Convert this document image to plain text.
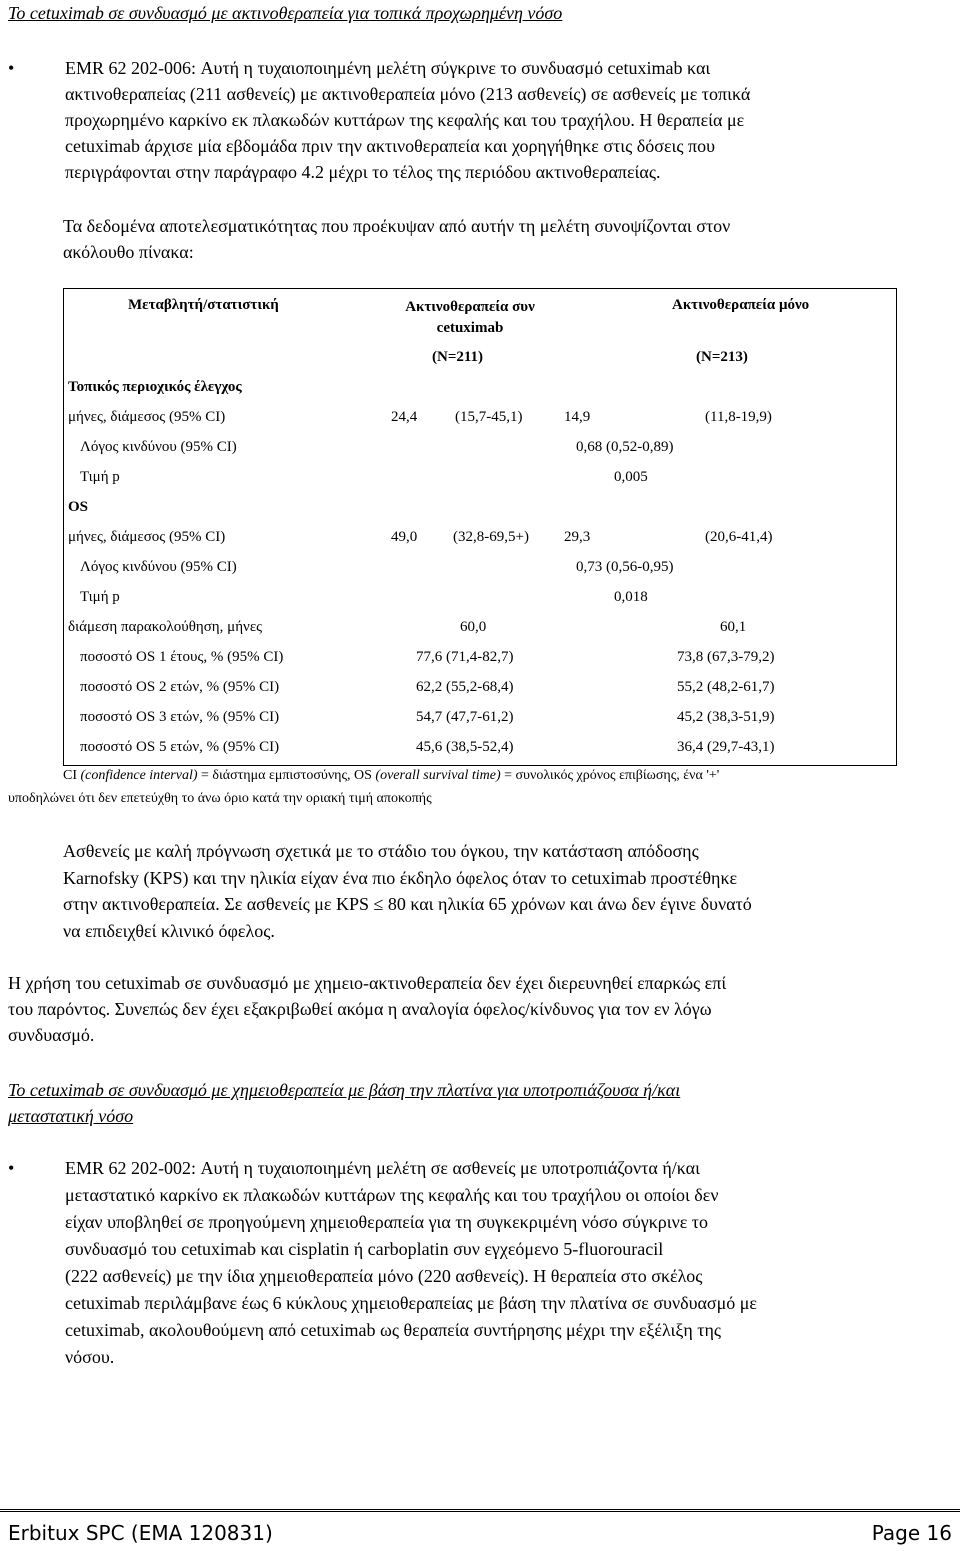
Το cetuximab σε συνδυασμό με ακτινοθεραπεία για τοπικά προχωρημένη νόσο
•	EMR 62 202-006: Αυτή η τυχαιοποιημένη μελέτη σύγκρινε το συνδυασμό cetuximab και
ακτινοθεραπείας (211 ασθενείς) με ακτινοθεραπεία μόνο (213 ασθενείς) σε ασθενείς με τοπικά
προχωρημένο καρκίνο εκ πλακωδών κυττάρων της κεφαλής και του τραχήλου. Η θεραπεία με
cetuximab άρχισε μία εβδομάδα πριν την ακτινοθεραπεία και χορηγήθηκε στις δόσεις που
περιγράφονται στην παράγραφο 4.2 μέχρι το τέλος της περιόδου ακτινοθεραπείας.
Τα δεδομένα αποτελεσματικότητας που προέκυψαν από αυτήν τη μελέτη συνοψίζονται στον
ακόλουθο πίνακα:
Μεταβλητή/στατιστική	Ακτινοθεραπεία συν
cetuximab
Ακτινοθεραπεία μόνο
(N=211)	(N=213)
Τοπικός περιοχικός έλεγχος
μήνες, διάμεσος (95% CI)	24,4	(15,7-45,1)	14,9	(11,8-19,9)
Λόγος κινδύνου (95% CI)	0,68 (0,52-0,89)
Τιμή p	0,005
OS
μήνες, διάμεσος (95% CI)	49,0 (32,8-69,5+) 29,3	(20,6-41,4)
Λόγος κινδύνου (95% CI)	0,73 (0,56-0,95)
Τιμή p	0,018
διάμεση παρακολούθηση, μήνες	60,0	60,1
ποσοστό OS 1 έτους, % (95% CI)	77,6 (71,4-82,7)	73,8 (67,3-79,2)
ποσοστό OS 2 ετών, % (95% CI)	62,2 (55,2-68,4)	55,2 (48,2-61,7)
ποσοστό OS 3 ετών, % (95% CI)	54,7 (47,7-61,2)	45,2 (38,3-51,9)
ποσοστό OS 5 ετών, % (95% CI)	45,6 (38,5-52,4)	36,4 (29,7-43,1)
CI (confidence interval) = διάστημα εμπιστοσύνης, OS (overall survival time) = συνολικός χρόνος επιβίωσης, ένα '+'
υποδηλώνει ότι δεν επετεύχθη το άνω όριο κατά την οριακή τιμή αποκοπής
Ασθενείς με καλή πρόγνωση σχετικά με το στάδιο του όγκου, την κατάσταση απόδοσης
Karnofsky (KPS) και την ηλικία είχαν ένα πιο έκδηλο όφελος όταν το cetuximab προστέθηκε
στην ακτινοθεραπεία. Σε ασθενείς με KPS ≤ 80 και ηλικία 65 χρόνων και άνω δεν έγινε δυνατό
να επιδειχθεί κλινικό όφελος.
Η χρήση του cetuximab σε συνδυασμό με χημειο-ακτινοθεραπεία δεν έχει διερευνηθεί επαρκώς επί
του παρόντος. Συνεπώς δεν έχει εξακριβωθεί ακόμα η αναλογία όφελος/κίνδυνος για τον εν λόγω
συνδυασμό.
Το cetuximab σε συνδυασμό με χημειοθεραπεία με βάση την πλατίνα για υποτροπιάζουσα ή/και
μεταστατική νόσο
•	EMR 62 202-002: Αυτή η τυχαιοποιημένη μελέτη σε ασθενείς με υποτροπιάζοντα ή/και
μεταστατικό καρκίνο εκ πλακωδών κυττάρων της κεφαλής και του τραχήλου οι οποίοι δεν
είχαν υποβληθεί σε προηγούμενη χημειοθεραπεία για τη συγκεκριμένη νόσο σύγκρινε το
συνδυασμό του cetuximab και cisplatin ή carboplatin συν εγχεόμενο 5-fluorouracil
(222 ασθενείς) με την ίδια χημειοθεραπεία μόνο (220 ασθενείς). Η θεραπεία στο σκέλος
cetuximab περιλάμβανε έως 6 κύκλους χημειοθεραπείας με βάση την πλατίνα σε συνδυασμό με
cetuximab, ακολουθούμενη από cetuximab ως θεραπεία συντήρησης μέχρι την εξέλιξη της
νόσου.
Erbitux SPC (EMA 120831)	Page 16
